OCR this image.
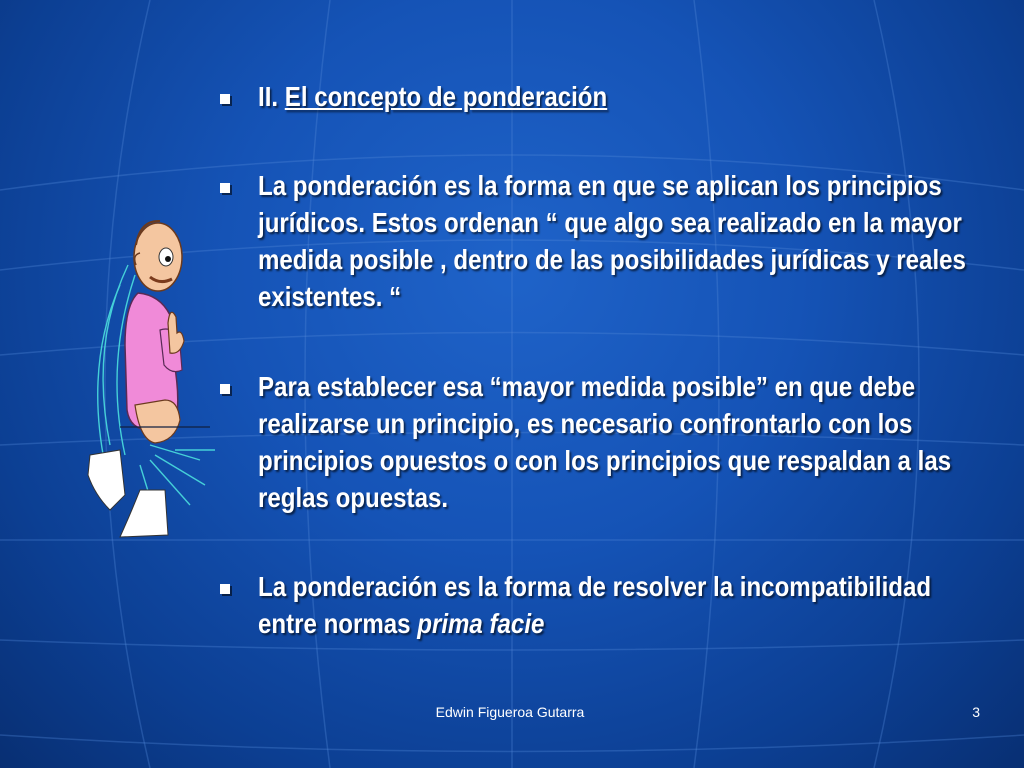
II. El concepto de ponderación
La ponderación es la forma en que se aplican los principios jurídicos. Estos ordenan “ que algo sea realizado en la mayor medida posible , dentro de las posibilidades jurídicas y reales existentes. “
Para establecer esa “mayor medida posible” en que debe realizarse un principio, es necesario confrontarlo con los principios opuestos o con los principios que respaldan a las reglas opuestas.
La ponderación es la forma de resolver la incompatibilidad entre normas prima facie
Edwin Figueroa Gutarra	3
